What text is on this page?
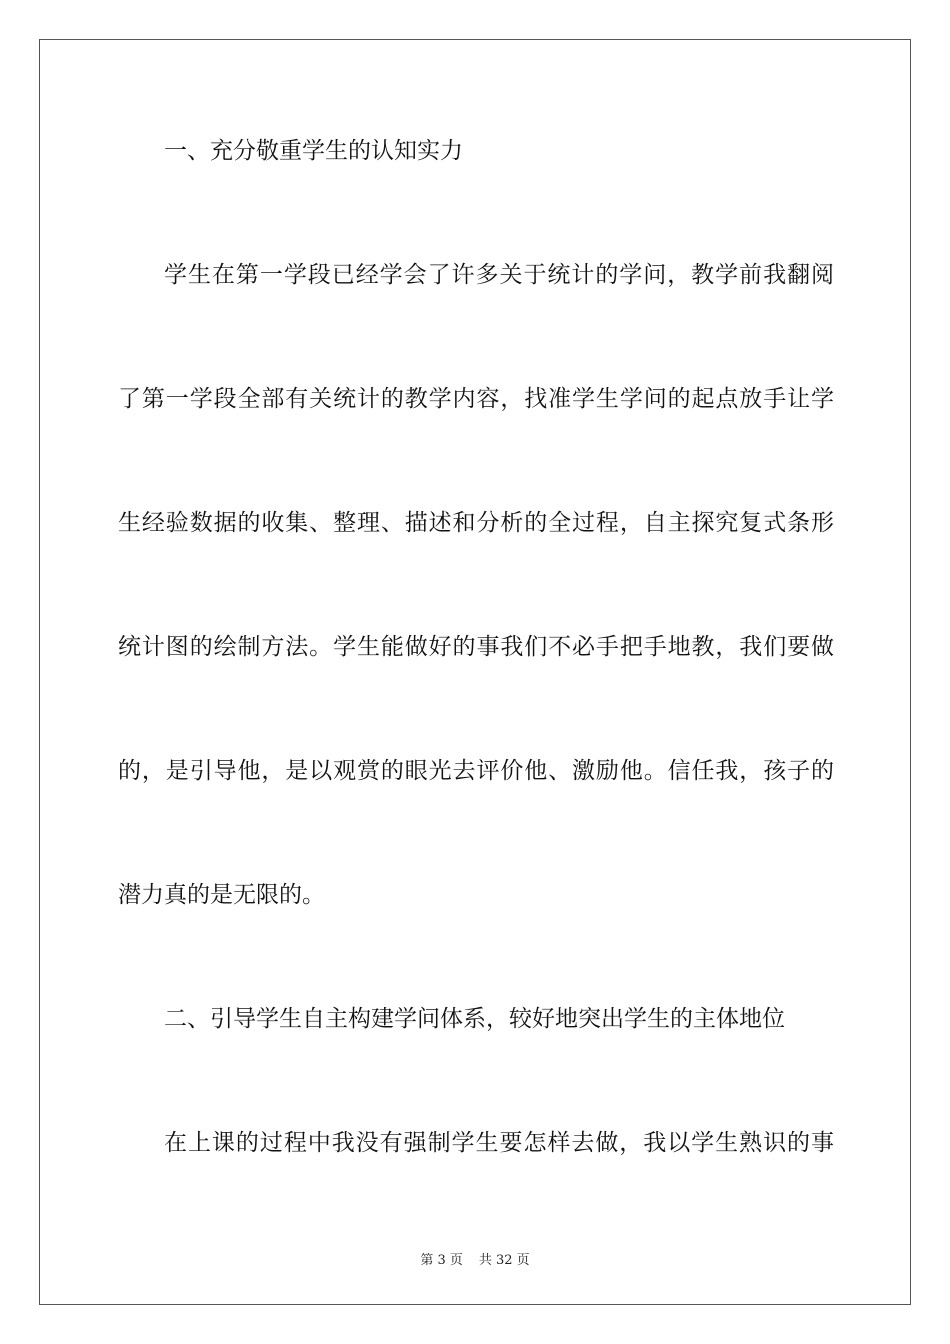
一、充分敬重学生的认知实力
学生在第一学段已经学会了许多关于统计的学问，教学前我翻阅
了第一学段全部有关统计的教学内容，找准学生学问的起点放手让学
生经验数据的收集、整理、描述和分析的全过程，自主探究复式条形
统计图的绘制方法。学生能做好的事我们不必手把手地教，我们要做
的，是引导他，是以观赏的眼光去评价他、激励他。信任我，孩子的
潜力真的是无限的。
二、引导学生自主构建学问体系，较好地突出学生的主体地位
在上课的过程中我没有强制学生要怎样去做，我以学生熟识的事
第 3 页 共 32 页
